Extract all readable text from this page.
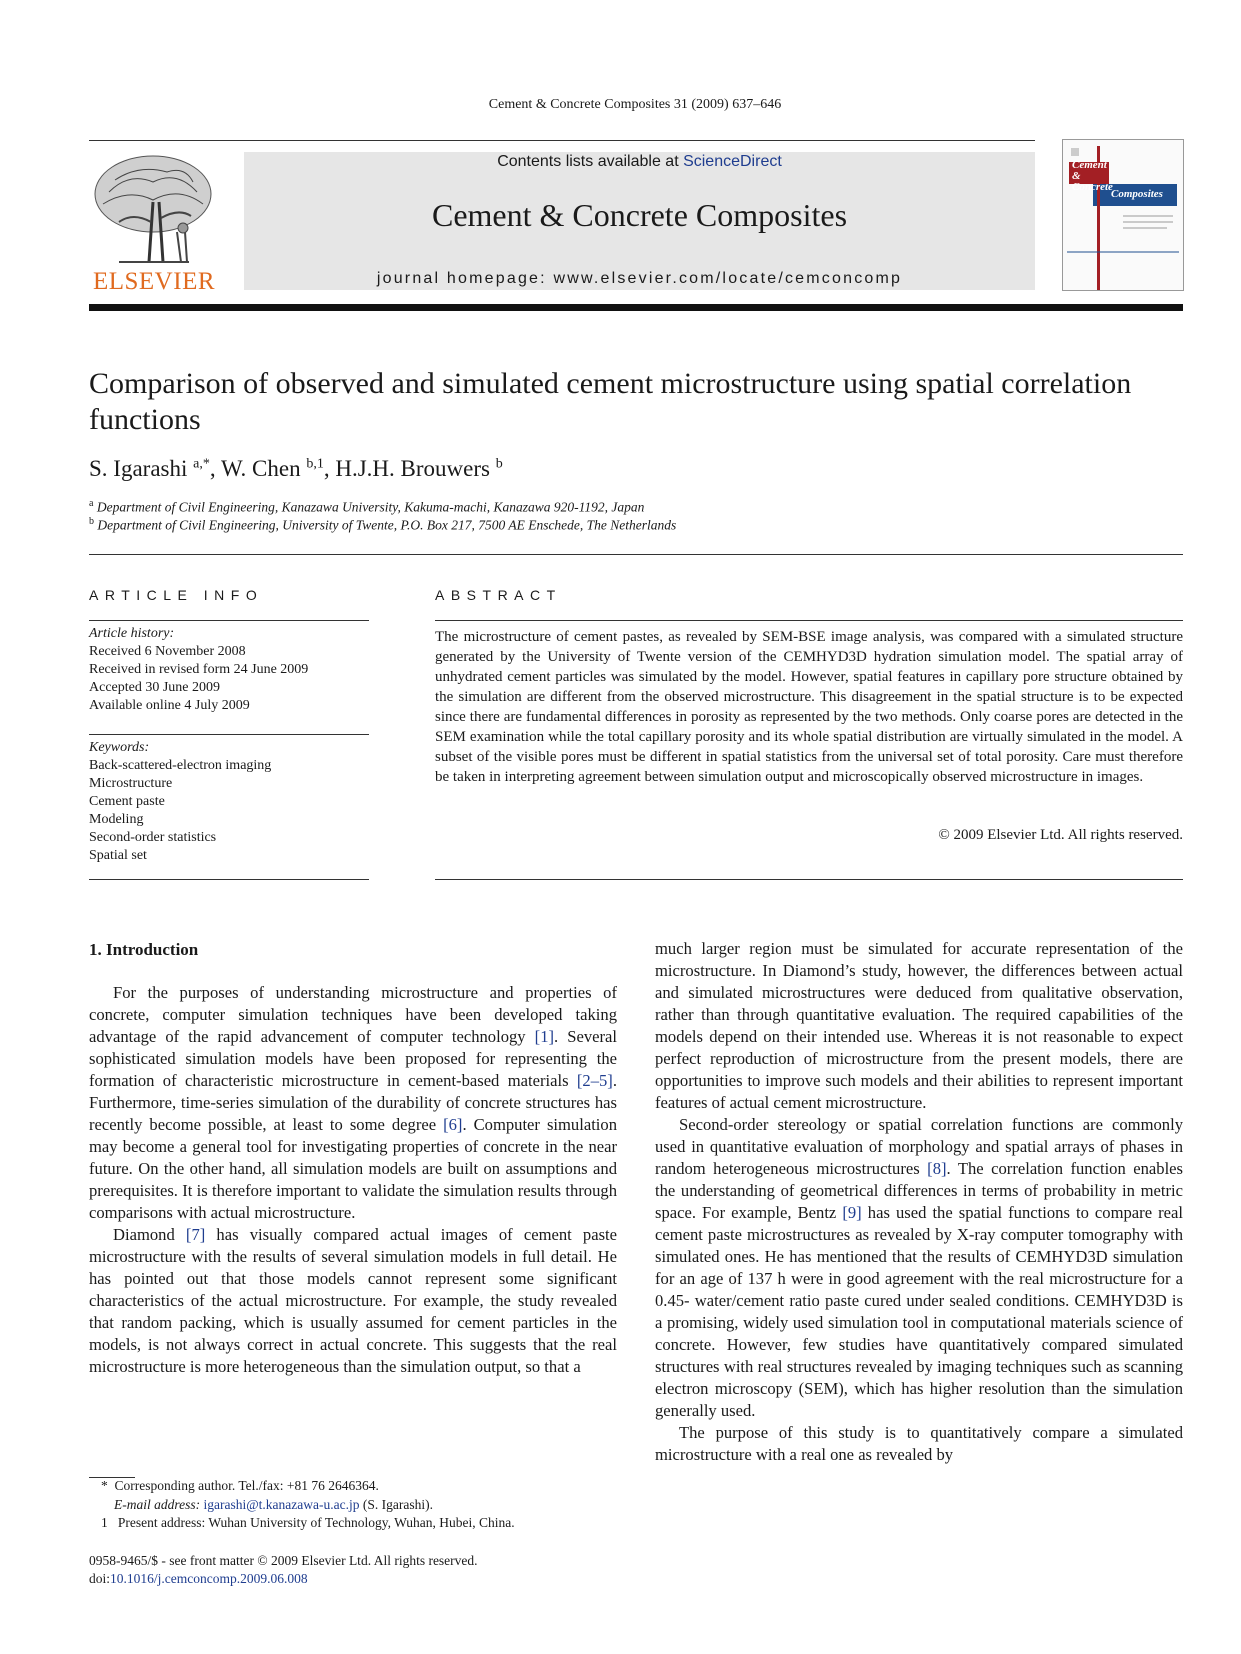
Cement & Concrete Composites 31 (2009) 637–646
ELSEVIER
Contents lists available at ScienceDirect
Cement & Concrete Composites
journal homepage: www.elsevier.com/locate/cemconcomp
Cement &
Concrete
Composites
Comparison of observed and simulated cement microstructure using spatial correlation functions
S. Igarashi $^{a,*}$, W. Chen $^{b,1}$, H.J.H. Brouwers $^b$
$^a$ Department of Civil Engineering, Kanazawa University, Kakuma-machi, Kanazawa 920-1192, Japan
$^b$ Department of Civil Engineering, University of Twente, P.O. Box 217, 7500 AE Enschede, The Netherlands
ARTICLE INFO
Article history:
Received 6 November 2008
Received in revised form 24 June 2009
Accepted 30 June 2009
Available online 4 July 2009
Keywords:
Back-scattered-electron imaging
Microstructure
Cement paste
Modeling
Second-order statistics
Spatial set
ABSTRACT
The microstructure of cement pastes, as revealed by SEM-BSE image analysis, was compared with a simulated structure generated by the University of Twente version of the CEMHYD3D hydration simulation model. The spatial array of unhydrated cement particles was simulated by the model. However, spatial features in capillary pore structure obtained by the simulation are different from the observed microstructure. This disagreement in the spatial structure is to be expected since there are fundamental differences in porosity as represented by the two methods. Only coarse pores are detected in the SEM examination while the total capillary porosity and its whole spatial distribution are virtually simulated in the model. A subset of the visible pores must be different in spatial statistics from the universal set of total porosity. Care must therefore be taken in interpreting agreement between simulation output and microscopically observed microstructure in images.
© 2009 Elsevier Ltd. All rights reserved.
1. Introduction

For the purposes of understanding microstructure and properties of concrete, computer simulation techniques have been developed taking advantage of the rapid advancement of computer technology [1]. Several sophisticated simulation models have been proposed for representing the formation of characteristic microstructure in cement-based materials [2–5]. Furthermore, time-series simulation of the durability of concrete structures has recently become possible, at least to some degree [6]. Computer simulation may become a general tool for investigating properties of concrete in the near future. On the other hand, all simulation models are built on assumptions and prerequisites. It is therefore important to validate the simulation results through comparisons with actual microstructure.

Diamond [7] has visually compared actual images of cement paste microstructure with the results of several simulation models in full detail. He has pointed out that those models cannot represent some significant characteristics of the actual microstructure. For example, the study revealed that random packing, which is usually assumed for cement particles in the models, is not always correct in actual concrete. This suggests that the real microstructure is more heterogeneous than the simulation output, so that a

much larger region must be simulated for accurate representation of the microstructure. In Diamond’s study, however, the differences between actual and simulated microstructures were deduced from qualitative observation, rather than through quantitative evaluation. The required capabilities of the models depend on their intended use. Whereas it is not reasonable to expect perfect reproduction of microstructure from the present models, there are opportunities to improve such models and their abilities to represent important features of actual cement microstructure.

Second-order stereology or spatial correlation functions are commonly used in quantitative evaluation of morphology and spatial arrays of phases in random heterogeneous microstructures [8]. The correlation function enables the understanding of geometrical differences in terms of probability in metric space. For example, Bentz [9] has used the spatial functions to compare real cement paste microstructures as revealed by X-ray computer tomography with simulated ones. He has mentioned that the results of CEMHYD3D simulation for an age of 137 h were in good agreement with the real microstructure for a 0.45- water/cement ratio paste cured under sealed conditions. CEMHYD3D is a promising, widely used simulation tool in computational materials science of concrete. However, few studies have quantitatively compared simulated structures with real structures revealed by imaging techniques such as scanning electron microscopy (SEM), which has higher resolution than the simulation generally used.

The purpose of this study is to quantitatively compare a simulated microstructure with a real one as revealed by

* Corresponding author. Tel./fax: +81 76 2646364.
E-mail address: igarashi@t.kanazawa-u.ac.jp (S. Igarashi).
1 Present address: Wuhan University of Technology, Wuhan, Hubei, China.
0958-9465/$ - see front matter © 2009 Elsevier Ltd. All rights reserved.
doi:10.1016/j.cemconcomp.2009.06.008
